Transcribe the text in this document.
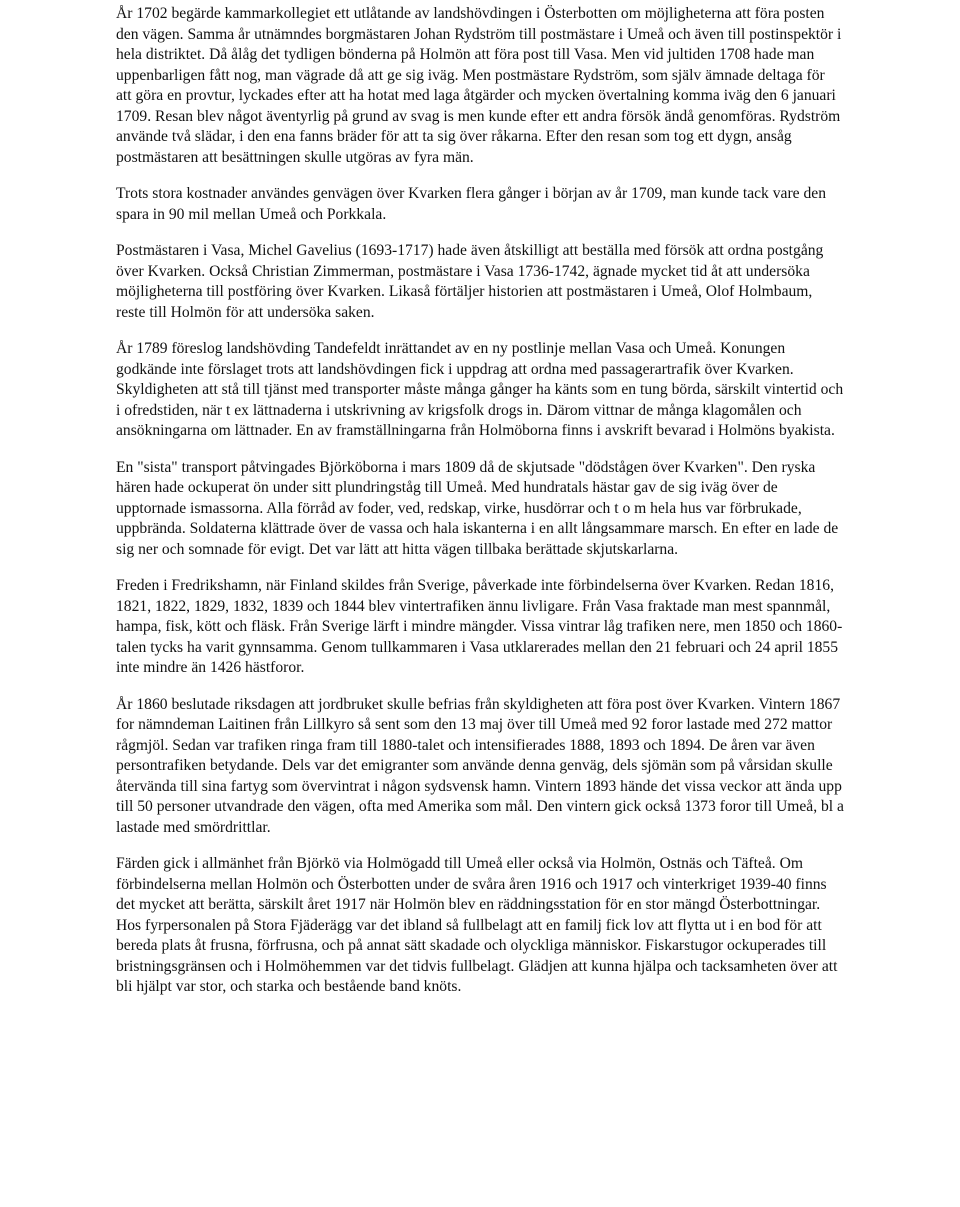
År 1702 begärde kammarkollegiet ett utlåtande av landshövdingen i Österbotten om möjligheterna att föra posten den vägen. Samma år utnämndes borgmästaren Johan Rydström till postmästare i Umeå och även till postinspektör i hela distriktet. Då ålåg det tydligen bönderna på Holmön att föra post till Vasa. Men vid jultiden 1708 hade man uppenbarligen fått nog, man vägrade då att ge sig iväg. Men postmästare Rydström, som själv ämnade deltaga för att göra en provtur, lyckades efter att ha hotat med laga åtgärder och mycken övertalning komma iväg den 6 januari 1709. Resan blev något äventyrlig på grund av svag is men kunde efter ett andra försök ändå genomföras. Rydström använde två slädar, i den ena fanns bräder för att ta sig över råkarna. Efter den resan som tog ett dygn, ansåg postmästaren att besättningen skulle utgöras av fyra män.

Trots stora kostnader användes genvägen över Kvarken flera gånger i början av år 1709, man kunde tack vare den spara in 90 mil mellan Umeå och Porkkala.

Postmästaren i Vasa, Michel Gavelius (1693-1717) hade även åtskilligt att beställa med försök att ordna postgång över Kvarken. Också Christian Zimmerman, postmästare i Vasa 1736-1742, ägnade mycket tid åt att undersöka möjligheterna till postföring över Kvarken. Likaså förtäljer historien att postmästaren i Umeå, Olof Holmbaum, reste till Holmön för att undersöka saken.

År 1789 föreslog landshövding Tandefeldt inrättandet av en ny postlinje mellan Vasa och Umeå. Konungen godkände inte förslaget trots att landshövdingen fick i uppdrag att ordna med passagerartrafik över Kvarken. Skyldigheten att stå till tjänst med transporter måste många gånger ha känts som en tung börda, särskilt vintertid och i ofredstiden, när t ex lättnaderna i utskrivning av krigsfolk drogs in. Därom vittnar de många klagomålen och ansökningarna om lättnader. En av framställningarna från Holmöborna finns i avskrift bevarad i Holmöns byakista.

En "sista" transport påtvingades Björköborna i mars 1809 då de skjutsade "dödstågen över Kvarken". Den ryska hären hade ockuperat ön under sitt plundringståg till Umeå. Med hundratals hästar gav de sig iväg över de upptornade ismassorna. Alla förråd av foder, ved, redskap, virke, husdörrar och t o m hela hus var förbrukade, uppbrända. Soldaterna klättrade över de vassa och hala iskanterna i en allt långsammare marsch. En efter en lade de sig ner och somnade för evigt. Det var lätt att hitta vägen tillbaka berättade skjutskarlarna.

Freden i Fredrikshamn, när Finland skildes från Sverige, påverkade inte förbindelserna över Kvarken. Redan 1816, 1821, 1822, 1829, 1832, 1839 och 1844 blev vintertrafiken ännu livligare. Från Vasa fraktade man mest spannmål, hampa, fisk, kött och fläsk. Från Sverige lärft i mindre mängder. Vissa vintrar låg trafiken nere, men 1850 och 1860-talen tycks ha varit gynnsamma. Genom tullkammaren i Vasa utklarerades mellan den 21 februari och 24 april 1855 inte mindre än 1426 hästforor.

År 1860 beslutade riksdagen att jordbruket skulle befrias från skyldigheten att föra post över Kvarken. Vintern 1867 for nämndeman Laitinen från Lillkyro så sent som den 13 maj över till Umeå med 92 foror lastade med 272 mattor rågmjöl. Sedan var trafiken ringa fram till 1880-talet och intensifierades 1888, 1893 och 1894. De åren var även persontrafiken betydande. Dels var det emigranter som använde denna genväg, dels sjömän som på vårsidan skulle återvända till sina fartyg som övervintrat i någon sydsvensk hamn. Vintern 1893 hände det vissa veckor att ända upp till 50 personer utvandrade den vägen, ofta med Amerika som mål. Den vintern gick också 1373 foror till Umeå, bl a lastade med smördrittlar.

Färden gick i allmänhet från Björkö via Holmögadd till Umeå eller också via Holmön, Ostnäs och Täfteå. Om förbindelserna mellan Holmön och Österbotten under de svåra åren 1916 och 1917 och vinterkriget 1939-40 finns det mycket att berätta, särskilt året 1917 när Holmön blev en räddningsstation för en stor mängd Österbottningar. Hos fyrpersonalen på Stora Fjäderägg var det ibland så fullbelagt att en familj fick lov att flytta ut i en bod för att bereda plats åt frusna, förfrusna, och på annat sätt skadade och olyckliga människor. Fiskarstugor ockuperades till bristningsgränsen och i Holmöhemmen var det tidvis fullbelagt. Glädjen att kunna hjälpa och tacksamheten över att bli hjälpt var stor, och starka och bestående band knöts.
